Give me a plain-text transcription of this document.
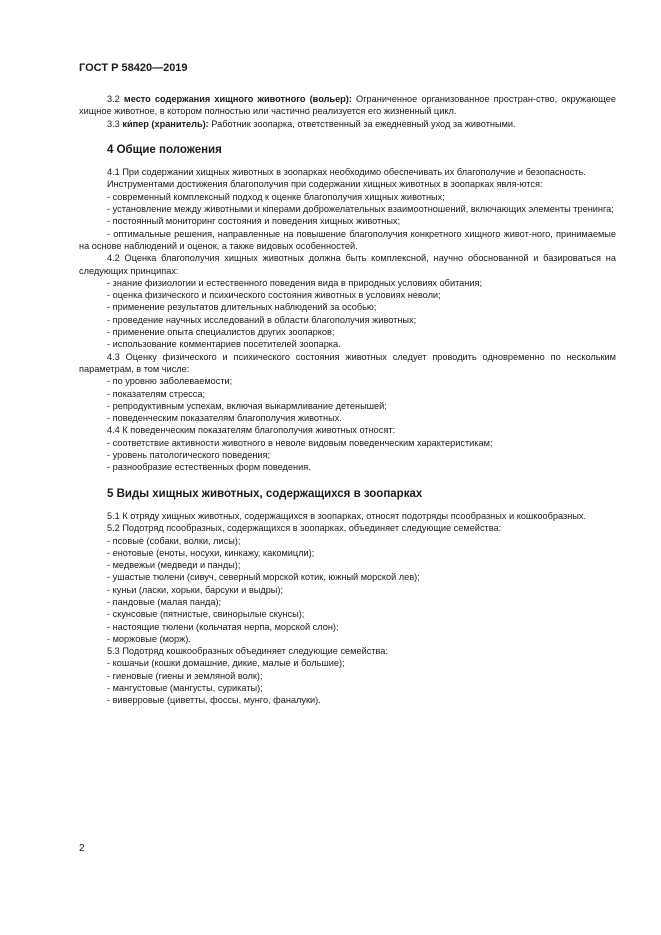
ГОСТ Р 58420—2019

3.2 место содержания хищного животного (вольер): Ограниченное организованное простран-ство, окружающее хищное животное, в котором полностью или частично реализуется его жизненный цикл.

3.3 ки́пер (хранитель): Работник зоопарка, ответственный за ежедневный уход за животными.

4 Общие положения

4.1 При содержании хищных животных в зоопарках необходимо обеспечивать их благополучие и безопасность.

Инструментами достижения благополучия при содержании хищных животных в зоопарках явля-ются:

- современный комплексный подход к оценке благополучия хищных животных;

- установление между животными и кiперами доброжелательных взаимоотношений, включающих элементы тренинга;

- постоянный мониторинг состояния и поведения хищных животных;

- оптимальные решения, направленные на повышение благополучия конкретного хищного живот-ного, принимаемые на основе наблюдений и оценок, а также видовых особенностей.

4.2 Оценка благополучия хищных животных должна быть комплексной, научно обоснованной и базироваться на следующих принципах:

- знание физиологии и естественного поведения вида в природных условиях обитания;

- оценка физического и психического состояния животных в условиях неволи;

- применение результатов длительных наблюдений за особью;

- проведение научных исследований в области благополучия животных;

- применение опыта специалистов других зоопарков;

- использование комментариев посетителей зоопарка.

4.3 Оценку физического и психического состояния животных следует проводить одновременно по нескольким параметрам, в том числе:

- по уровню заболеваемости;

- показателям стресса;

- репродуктивным успехам, включая выкармливание детенышей;

- поведенческим показателям благополучия животных.

4.4 К поведенческим показателям благополучия животных относят:

- соответствие активности животного в неволе видовым поведенческим характеристикам;

- уровень патологического поведения;

- разнообразие естественных форм поведения.

5 Виды хищных животных, содержащихся в зоопарках

5.1 К отряду хищных животных, содержащихся в зоопарках, относят подотряды псообразных и кошкообразных.

5.2 Подотряд псообразных, содержащихся в зоопарках, объединяет следующие семейства:

- псовые (собаки, волки, лисы);

- енотовые (еноты, носухи, кинкажу, какомицли);

- медвежьи (медведи и панды);

- ушастые тюлени (сивуч, северный морской котик, южный морской лев);

- куньи (ласки, хорьки, барсуки и выдры);

- пандовые (малая панда);

- скунсовые (пятнистые, свинорылые скунсы);

- настоящие тюлени (кольчатая нерпа, морской слон);

- моржовые (морж).

5.3 Подотряд кошкообразных объединяет следующие семейства:

- кошачьи (кошки домашние, дикие, малые и большие);

- гиеновые (гиены и земляной волк);

- мангустовые (мангусты, сурикаты);

- виверровые (циветты, фоссы, мунго, фаналуки).

2
